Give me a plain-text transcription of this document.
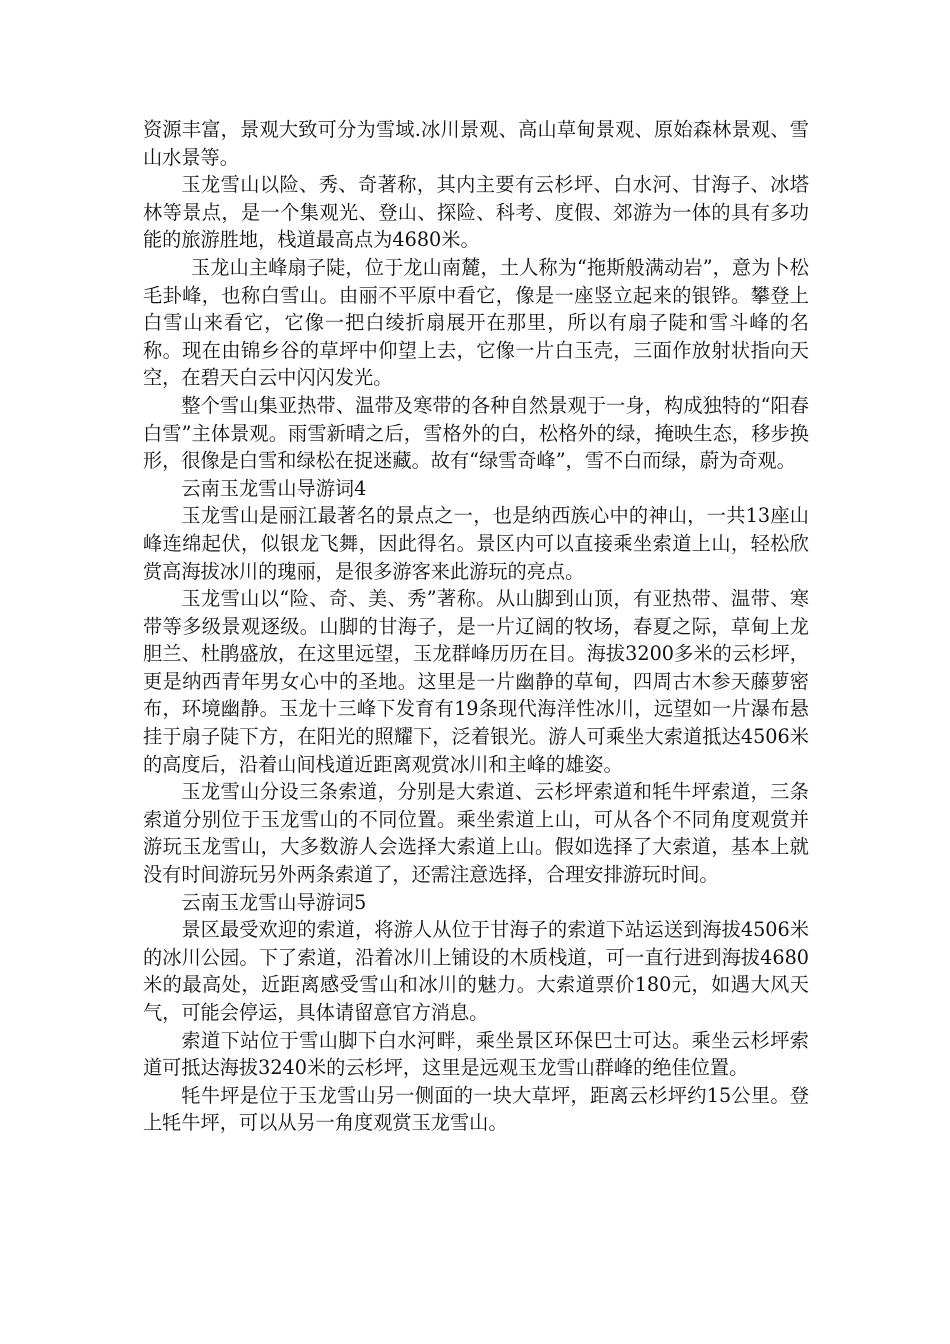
资源丰富，景观大致可分为雪域.冰川景观、高山草甸景观、原始森林景观、雪山水景等。

玉龙雪山以险、秀、奇著称，其内主要有云杉坪、白水河、甘海子、冰塔林等景点，是一个集观光、登山、探险、科考、度假、郊游为一体的具有多功能的旅游胜地，栈道最高点为4680米。

玉龙山主峰扇子陡，位于龙山南麓，土人称为“拖斯般满动岩”，意为卜松毛卦峰，也称白雪山。由丽不平原中看它，像是一座竖立起来的银铧。攀登上白雪山来看它，它像一把白绫折扇展开在那里，所以有扇子陡和雪斗峰的名称。现在由锦乡谷的草坪中仰望上去，它像一片白玉壳，三面作放射状指向天空，在碧天白云中闪闪发光。

整个雪山集亚热带、温带及寒带的各种自然景观于一身，构成独特的“阳春白雪”主体景观。雨雪新晴之后，雪格外的白，松格外的绿，掩映生态，移步换形，很像是白雪和绿松在捉迷藏。故有“绿雪奇峰”，雪不白而绿，蔚为奇观。

云南玉龙雪山导游词4

玉龙雪山是丽江最著名的景点之一，也是纳西族心中的神山，一共13座山峰连绵起伏，似银龙飞舞，因此得名。景区内可以直接乘坐索道上山，轻松欣赏高海拔冰川的瑰丽，是很多游客来此游玩的亮点。

玉龙雪山以“险、奇、美、秀”著称。从山脚到山顶，有亚热带、温带、寒带等多级景观逐级。山脚的甘海子，是一片辽阔的牧场，春夏之际，草甸上龙胆兰、杜鹃盛放，在这里远望，玉龙群峰历历在目。海拔3200多米的云杉坪，更是纳西青年男女心中的圣地。这里是一片幽静的草甸，四周古木参天藤萝密布，环境幽静。玉龙十三峰下发育有19条现代海洋性冰川，远望如一片瀑布悬挂于扇子陡下方，在阳光的照耀下，泛着银光。游人可乘坐大索道抵达4506米的高度后，沿着山间栈道近距离观赏冰川和主峰的雄姿。

玉龙雪山分设三条索道，分别是大索道、云杉坪索道和牦牛坪索道，三条索道分别位于玉龙雪山的不同位置。乘坐索道上山，可从各个不同角度观赏并游玩玉龙雪山，大多数游人会选择大索道上山。假如选择了大索道，基本上就没有时间游玩另外两条索道了，还需注意选择，合理安排游玩时间。

云南玉龙雪山导游词5

景区最受欢迎的索道，将游人从位于甘海子的索道下站运送到海拔4506米的冰川公园。下了索道，沿着冰川上铺设的木质栈道，可一直行进到海拔4680米的最高处，近距离感受雪山和冰川的魅力。大索道票价180元，如遇大风天气，可能会停运，具体请留意官方消息。

索道下站位于雪山脚下白水河畔，乘坐景区环保巴士可达。乘坐云杉坪索道可抵达海拔3240米的云杉坪，这里是远观玉龙雪山群峰的绝佳位置。

牦牛坪是位于玉龙雪山另一侧面的一块大草坪，距离云杉坪约15公里。登上牦牛坪，可以从另一角度观赏玉龙雪山。
